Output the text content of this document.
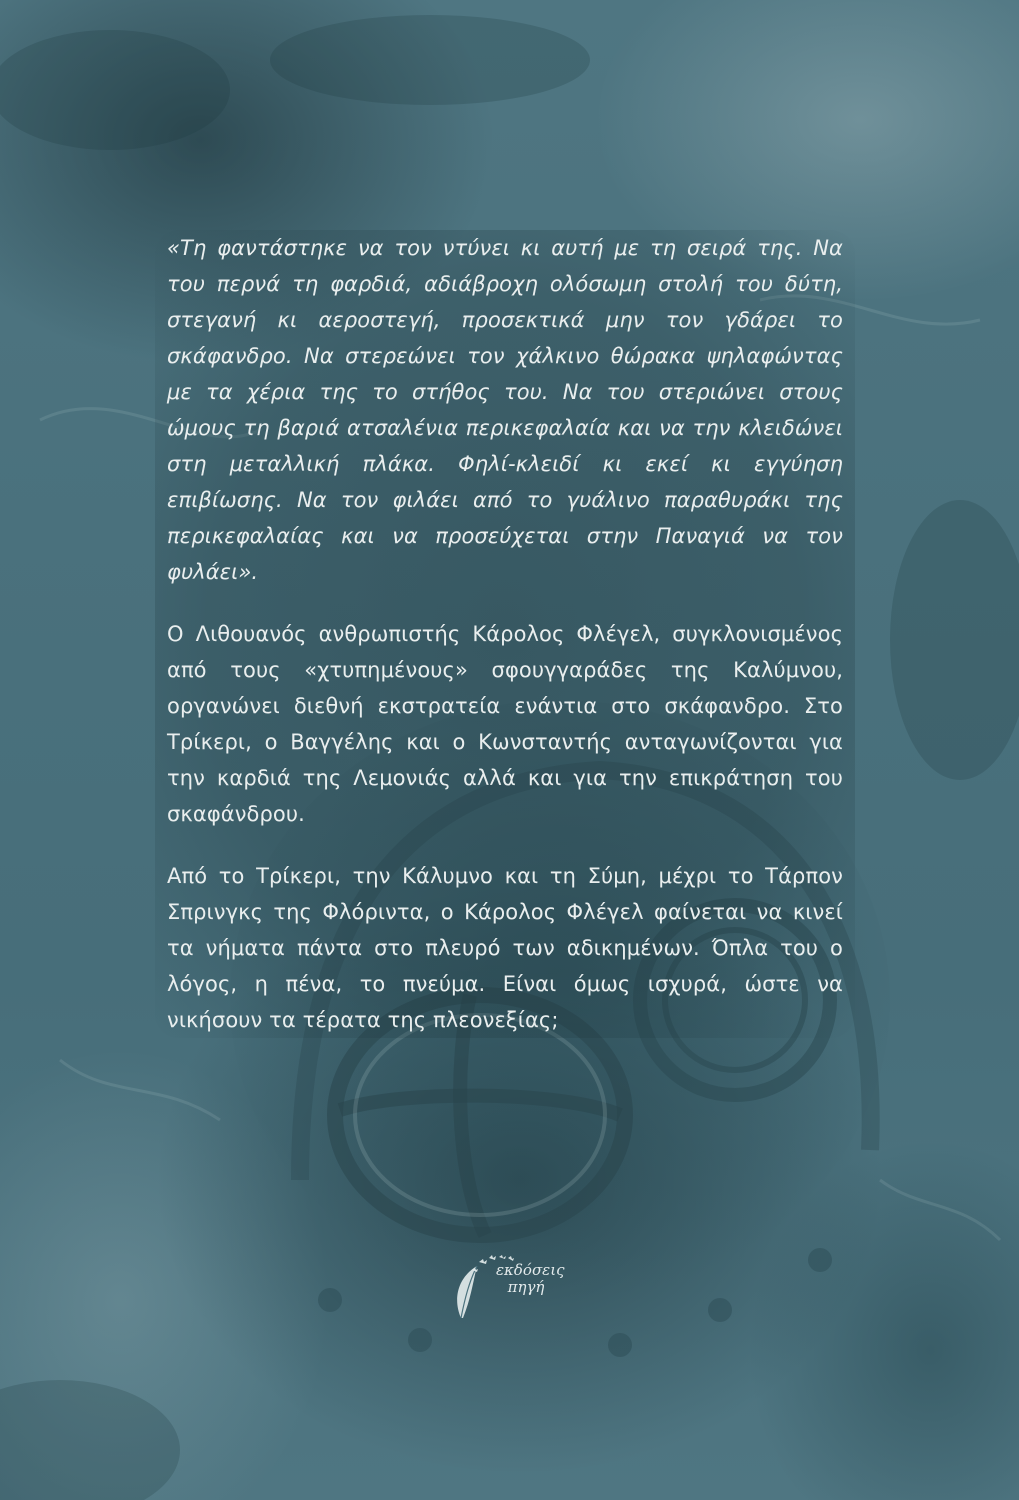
«Τη φαντάστηκε να τον ντύνει κι αυτή με τη σειρά της. Να του περνά τη φαρδιά, αδιάβροχη ολόσωμη στολή του δύτη, στεγανή κι αεροστεγή, προσεκτικά μην τον γδάρει το σκάφανδρο. Να στερεώνει τον χάλκινο θώρακα ψηλαφώντας με τα χέρια της το στήθος του. Να του στεριώνει στους ώμους τη βαριά ατσαλένια περικεφαλαία και να την κλειδώνει στη μεταλλική πλάκα. Φηλί-κλειδί κι εκεί κι εγγύηση επιβίωσης. Να τον φιλάει από το γυάλινο παραθυράκι της περικεφαλαίας και να προσεύχεται στην Παναγιά να τον φυλάει».

Ο Λιθουανός ανθρωπιστής Κάρολος Φλέγελ, συγκλονισμένος από τους «χτυπημένους» σφουγγαράδες της Καλύμνου, οργανώνει διεθνή εκστρατεία ενάντια στο σκάφανδρο. Στο Τρίκερι, ο Βαγγέλης και ο Κωνσταντής ανταγωνίζονται για την καρδιά της Λεμονιάς αλλά και για την επικράτηση του σκαφάνδρου.

Από το Τρίκερι, την Κάλυμνο και τη Σύμη, μέχρι το Τάρπον Σπρινγκς της Φλόριντα, ο Κάρολος Φλέγελ φαίνεται να κινεί τα νήματα πάντα στο πλευρό των αδικημένων. Όπλα του ο λόγος, η πένα, το πνεύμα. Είναι όμως ισχυρά, ώστε να νικήσουν τα τέρατα της πλεονεξίας;

εκδόσεις
πηγή
